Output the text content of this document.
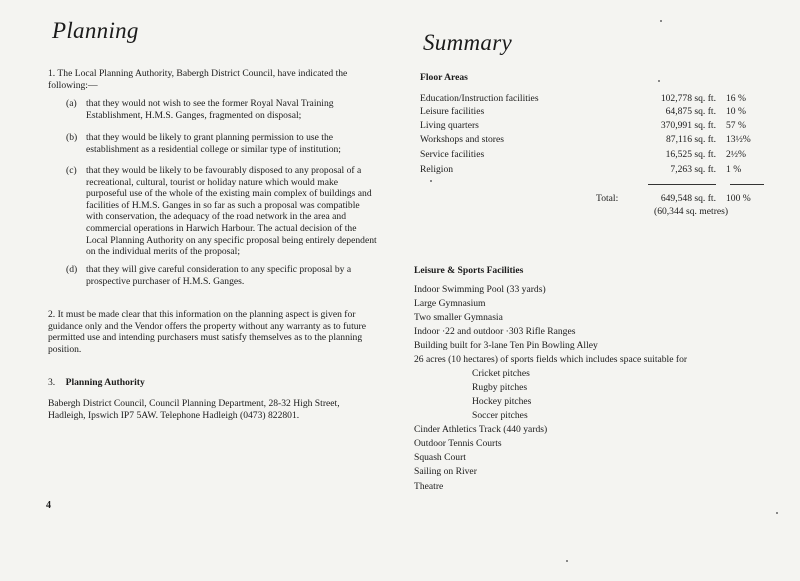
Planning
1. The Local Planning Authority, Babergh District Council, have indicated the following:—
(a) that they would not wish to see the former Royal Naval Training Establishment, H.M.S. Ganges, fragmented on disposal;
(b) that they would be likely to grant planning permission to use the establishment as a residential college or similar type of institution;
(c) that they would be likely to be favourably disposed to any proposal of a recreational, cultural, tourist or holiday nature which would make purposeful use of the whole of the existing main complex of buildings and facilities of H.M.S. Ganges in so far as such a proposal was compatible with conservation, the adequacy of the road network in the area and commercial operations in Harwich Harbour. The actual decision of the Local Planning Authority on any specific proposal being entirely dependent on the individual merits of the proposal;
(d) that they will give careful consideration to any specific proposal by a prospective purchaser of H.M.S. Ganges.
2. It must be made clear that this information on the planning aspect is given for guidance only and the Vendor offers the property without any warranty as to future permitted use and intending purchasers must satisfy themselves as to the planning position.
3. Planning Authority
Babergh District Council, Council Planning Department, 28-32 High Street, Hadleigh, Ipswich IP7 5AW. Telephone Hadleigh (0473) 822801.
4
Summary
Floor Areas
Education/Instruction facilities	102,778 sq. ft. 16 %
Leisure facilities	64,875 sq. ft. 10 %
Living quarters	370,991 sq. ft. 57 %
Workshops and stores	87,116 sq. ft. 13½%
Service facilities	16,525 sq. ft. 2½%
Religion	7,263 sq. ft. 1 %
Total:	649,548 sq. ft. 100 %
(60,344 sq. metres)
Leisure & Sports Facilities
Indoor Swimming Pool (33 yards)
Large Gymnasium
Two smaller Gymnasia
Indoor ·22 and outdoor ·303 Rifle Ranges
Building built for 3-lane Ten Pin Bowling Alley
26 acres (10 hectares) of sports fields which includes space suitable for
Cricket pitches
Rugby pitches
Hockey pitches
Soccer pitches
Cinder Athletics Track (440 yards)
Outdoor Tennis Courts
Squash Court
Sailing on River
Theatre
